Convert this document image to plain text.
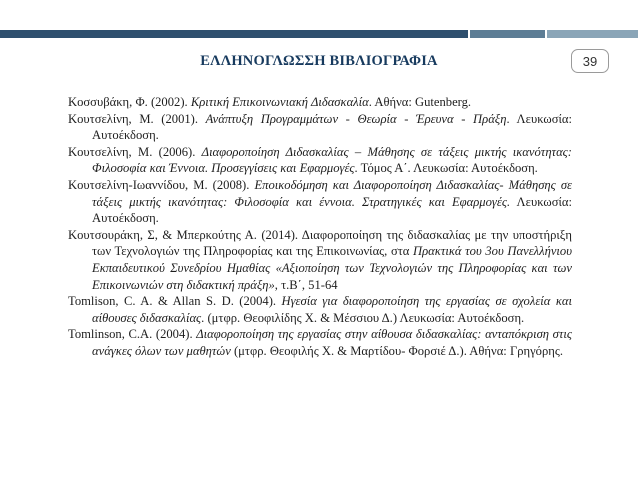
39
ΕΛΛΗΝΟΓΛΩΣΣΗ ΒΙΒΛΙΟΓΡΑΦΙΑ

Κοσσυβάκη, Φ. (2002). Κριτική Επικοινωνιακή Διδασκαλία. Αθήνα: Gutenberg.

Κουτσελίνη, Μ. (2001). Ανάπτυξη Προγραμμάτων - Θεωρία - Έρευνα - Πράξη. Λευκωσία: Αυτοέκδοση.

Κουτσελίνη, Μ. (2006). Διαφοροποίηση Διδασκαλίας – Μάθησης σε τάξεις μικτής ικανότητας: Φιλοσοφία και Έννοια. Προσεγγίσεις και Εφαρμογές. Τόμος Α΄. Λευκωσία: Αυτοέκδοση.

Κουτσελίνη-Ιωαννίδου, Μ. (2008). Εποικοδόμηση και Διαφοροποίηση Διδασκαλίας- Μάθησης σε τάξεις μικτής ικανότητας: Φιλοσοφία και έννοια. Στρατηγικές και Εφαρμογές. Λευκωσία: Αυτοέκδοση.

Κουτσουράκη, Σ, & Μπερκούτης Α. (2014). Διαφοροποίηση της διδασκαλίας με την υποστήριξη των Τεχνολογιών της Πληροφορίας και της Επικοινωνίας, στα Πρακτικά του 3ου Πανελλήνιου Εκπαιδευτικού Συνεδρίου Ημαθίας «Αξιοποίηση των Τεχνολογιών της Πληροφορίας και των Επικοινωνιών στη διδακτική πράξη», τ.Β΄, 51-64

Tomlison, C. A. & Allan S. D. (2004). Ηγεσία για διαφοροποίηση της εργασίας σε σχολεία και αίθουσες διδασκαλίας. (μτφρ. Θεοφιλίδης Χ. & Μέσσιου Δ.) Λευκωσία: Αυτοέκδοση.

Tomlinson, C.A. (2004). Διαφοροποίηση της εργασίας στην αίθουσα διδασκαλίας: ανταπόκριση στις ανάγκες όλων των μαθητών (μτφρ. Θεοφιλής Χ. & Μαρτίδου- Φορσιέ Δ.). Αθήνα: Γρηγόρης.
